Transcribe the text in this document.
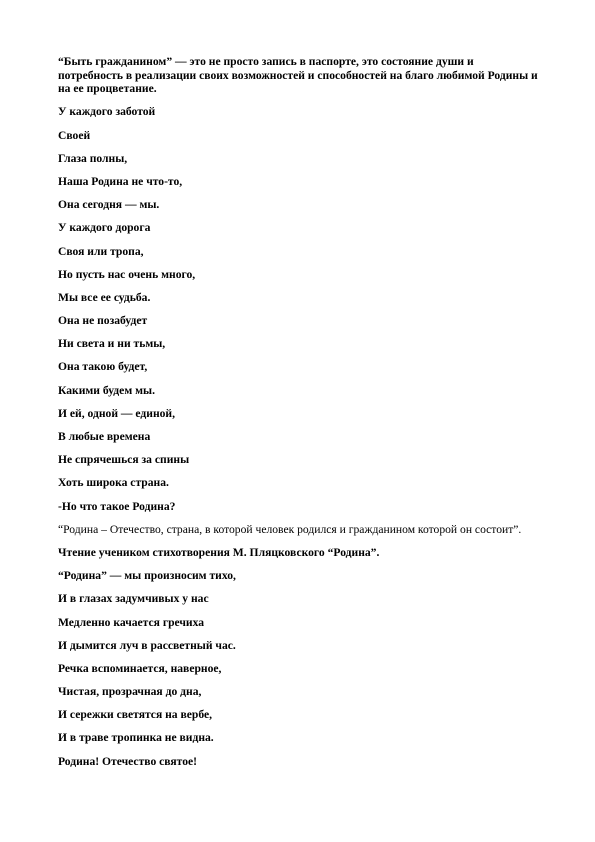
“Быть гражданином” — это не просто запись в паспорте, это состояние души и потребность в реализации своих возможностей и способностей на благо любимой Родины и на ее процветание.

У каждого заботой

Своей

Глаза полны,

Наша Родина не что-то,

Она сегодня — мы.

У каждого дорога

Своя или тропа,

Но пусть нас очень много,

Мы все ее судьба.

Она не позабудет

Ни света и ни тьмы,

Она такою будет,

Какими будем мы.

И ей, одной — единой,

В любые времена

Не спрячешься за спины

Хоть широка страна.

-Но что такое Родина?

“Родина – Отечество, страна, в которой человек родился и гражданином которой он состоит”.

Чтение учеником стихотворения М. Пляцковского “Родина”.

“Родина” — мы произносим тихо,

И в глазах задумчивых у нас

Медленно качается гречиха

И дымится луч в рассветный час.

Речка вспоминается, наверное,

Чистая, прозрачная до дна,

И сережки светятся на вербе,

И в траве тропинка не видна.

Родина! Отечество святое!
